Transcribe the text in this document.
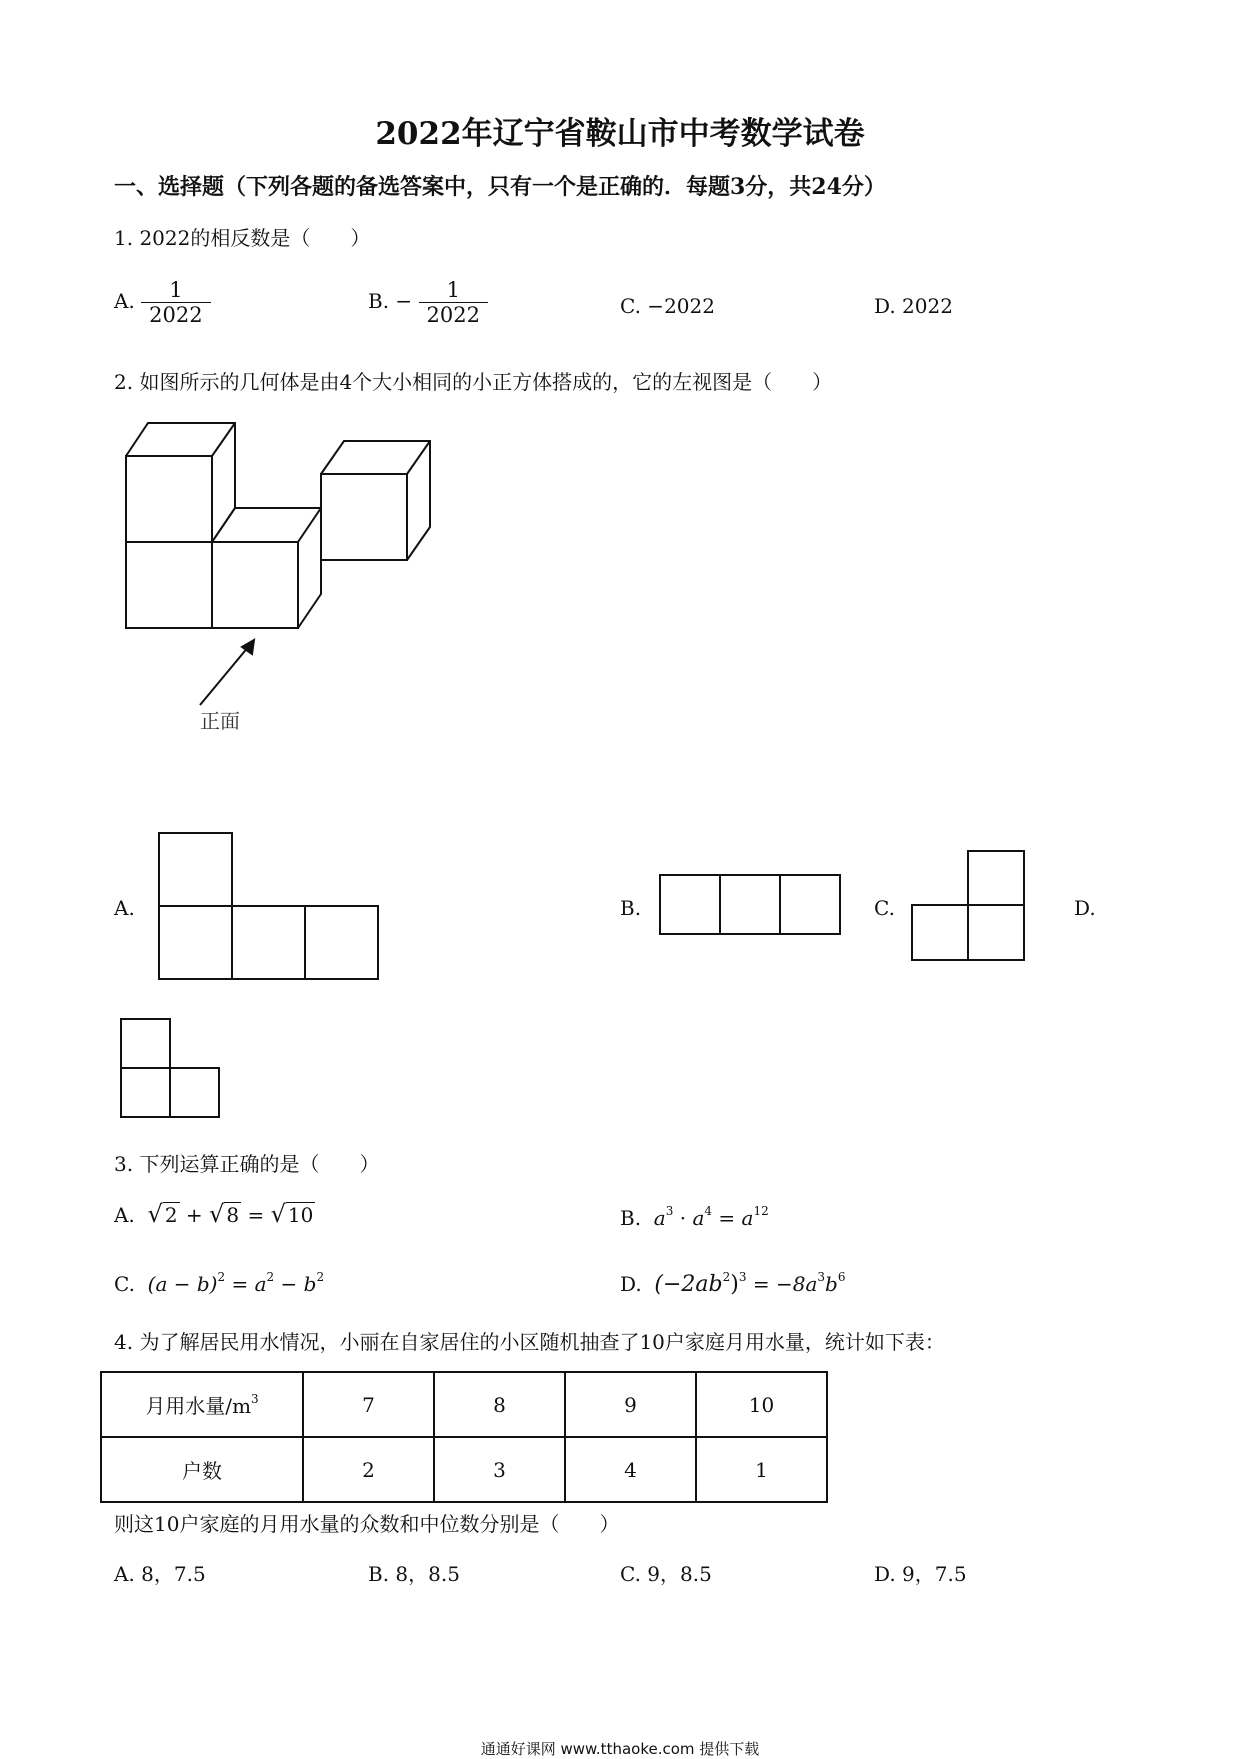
2022年辽宁省鞍山市中考数学试卷
一、选择题（下列各题的备选答案中，只有一个是正确的．每题3分，共24分）
1. 2022的相反数是（　　）
A. $\frac{1}{2022}$	B. − $\frac{1}{2022}$	C. −2022	D. 2022
2. 如图所示的几何体是由4个大小相同的小正方体搭成的，它的左视图是（　　）
正面
A.	B.	C.	D.
3. 下列运算正确的是（　　）
A. √ 2 + √ 8 = √ 10	B. $a^3 \cdot a^4 = a^{12}$
C. $(a - b)^2 = a^2 - b^2$	D. $(-2ab^2)^3 = -8a^3b^6$
4. 为了解居民用水情况，小丽在自家居住的小区随机抽查了10户家庭月用水量，统计如下表：
月用水量$/m^3$	7	8	9	10
户数	2	3	4	1
则这10户家庭的月用水量的众数和中位数分别是（　　）
A. 8，7.5	B. 8，8.5	C. 9，8.5	D. 9，7.5
通通好课网 www.tthaoke.com 提供下载
